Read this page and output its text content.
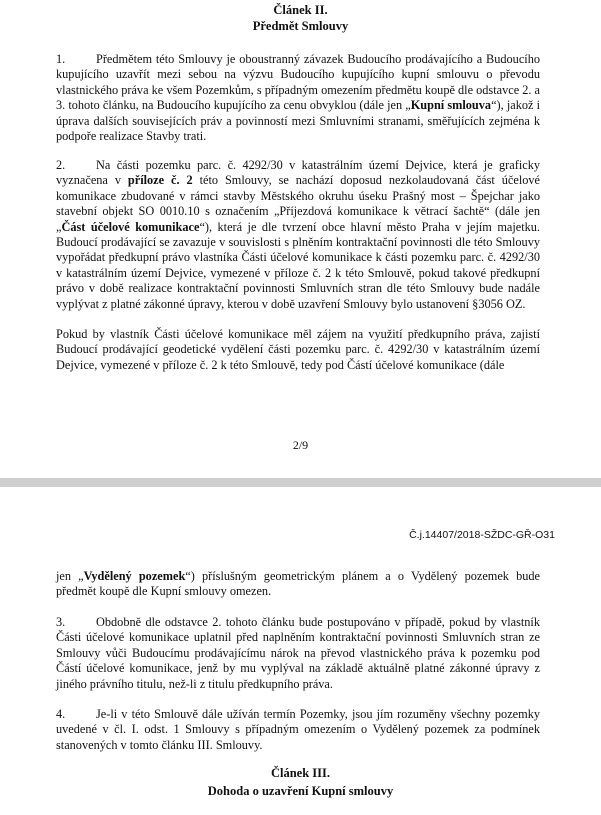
Článek II.
Předmět Smlouvy
1.	Předmětem této Smlouvy je oboustranný závazek Budoucího prodávajícího a Budoucího kupujícího uzavřít mezi sebou na výzvu Budoucího kupujícího kupní smlouvu o převodu vlastnického práva ke všem Pozemkům, s případným omezením předmětu koupě dle odstavce 2. a 3. tohoto článku, na Budoucího kupujícího za cenu obvyklou (dále jen „Kupní smlouva“), jakož i úprava dalších souvisejících práv a povinností mezi Smluvními stranami, směřujících zejména k podpoře realizace Stavby trati.
2.	Na části pozemku parc. č. 4292/30 v katastrálním území Dejvice, která je graficky vyznačena v příloze č. 2 této Smlouvy, se nachází doposud nezkolaudovaná část účelové komunikace zbudované v rámci stavby Městského okruhu úseku Prašný most – Špejchar jako stavební objekt SO 0010.10 s označením „Příjezdová komunikace k větrací šachtě“ (dále jen „Část účelové komunikace“), která je dle tvrzení obce hlavní město Praha v jejím majetku. Budoucí prodávající se zavazuje v souvislosti s plněním kontraktační povinnosti dle této Smlouvy vypořádat předkupní právo vlastníka Části účelové komunikace k části pozemku parc. č. 4292/30 v katastrálním území Dejvice, vymezené v příloze č. 2 k této Smlouvě, pokud takové předkupní právo v době realizace kontraktační povinnosti Smluvních stran dle této Smlouvy bude nadále vyplývat z platné zákonné úpravy, kterou v době uzavření Smlouvy bylo ustanovení §3056 OZ.
Pokud by vlastník Části účelové komunikace měl zájem na využití předkupního práva, zajistí Budoucí prodávající geodetické vydělení části pozemku parc. č. 4292/30 v katastrálním území Dejvice, vymezené v příloze č. 2 k této Smlouvě, tedy pod Částí účelové komunikace (dále
2/9
Č.j.14407/2018-SŽDC-GŘ-O31
jen „Vydělený pozemek“) příslušným geometrickým plánem a o Vydělený pozemek bude předmět koupě dle Kupní smlouvy omezen.
3.	Obdobně dle odstavce 2. tohoto článku bude postupováno v případě, pokud by vlastník Části účelové komunikace uplatnil před naplněním kontraktační povinnosti Smluvních stran ze Smlouvy vůči Budoucímu prodávajícímu nárok na převod vlastnického práva k pozemku pod Částí účelové komunikace, jenž by mu vyplýval na základě aktuálně platné zákonné úpravy z jiného právního titulu, než-li z titulu předkupního práva.
4.	Je-li v této Smlouvě dále užíván termín Pozemky, jsou jím rozuměny všechny pozemky uvedené v čl. I. odst. 1 Smlouvy s případným omezením o Vydělený pozemek za podmínek stanovených v tomto článku III. Smlouvy.
Článek III.
Dohoda o uzavření Kupní smlouvy
